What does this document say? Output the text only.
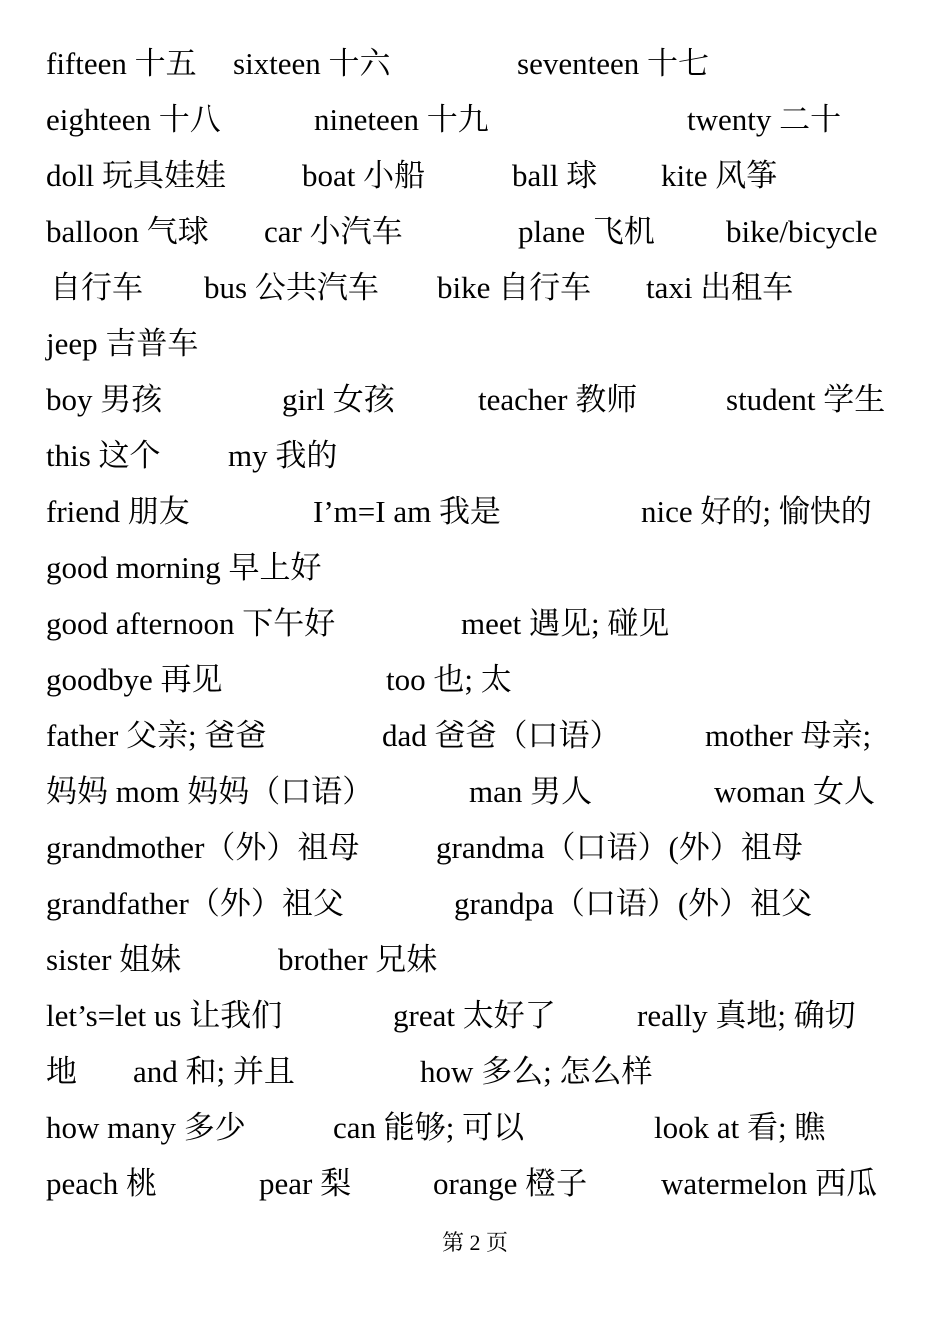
fifteen 十五 sixteen 十六	seventeen 十七
eighteen 十八	nineteen 十九	twenty 二十
doll 玩具娃娃 boat 小船	ball 球 kite 风筝
balloon 气球 car 小汽车	plane 飞机 bike/bicycle
自行车 bus 公共汽车 bike 自行车 taxi 出租车
jeep 吉普车
boy 男孩	girl 女孩	teacher 教师	student 学生
this 这个 my 我的
friend 朋友	I’m=I am 我是	nice 好的; 愉快的
good morning 早上好
good afternoon 下午好	meet 遇见; 碰见
goodbye 再见	too 也; 太
father 父亲; 爸爸	dad 爸爸（口语）	mother 母亲;
妈妈 mom 妈妈（口语）	man 男人	woman 女人
grandmother（外）祖母 grandma（口语）(外）祖母
grandfather（外）祖父	grandpa（口语）(外）祖父
sister 姐妹	brother 兄妹
let’s=let us 让我们	great 太好了	really 真地; 确切
地 and 和; 并且	how 多么; 怎么样
how many 多少	can 能够; 可以	look at 看; 瞧
peach 桃	pear 梨	orange 橙子 watermelon 西瓜
第 2 页
